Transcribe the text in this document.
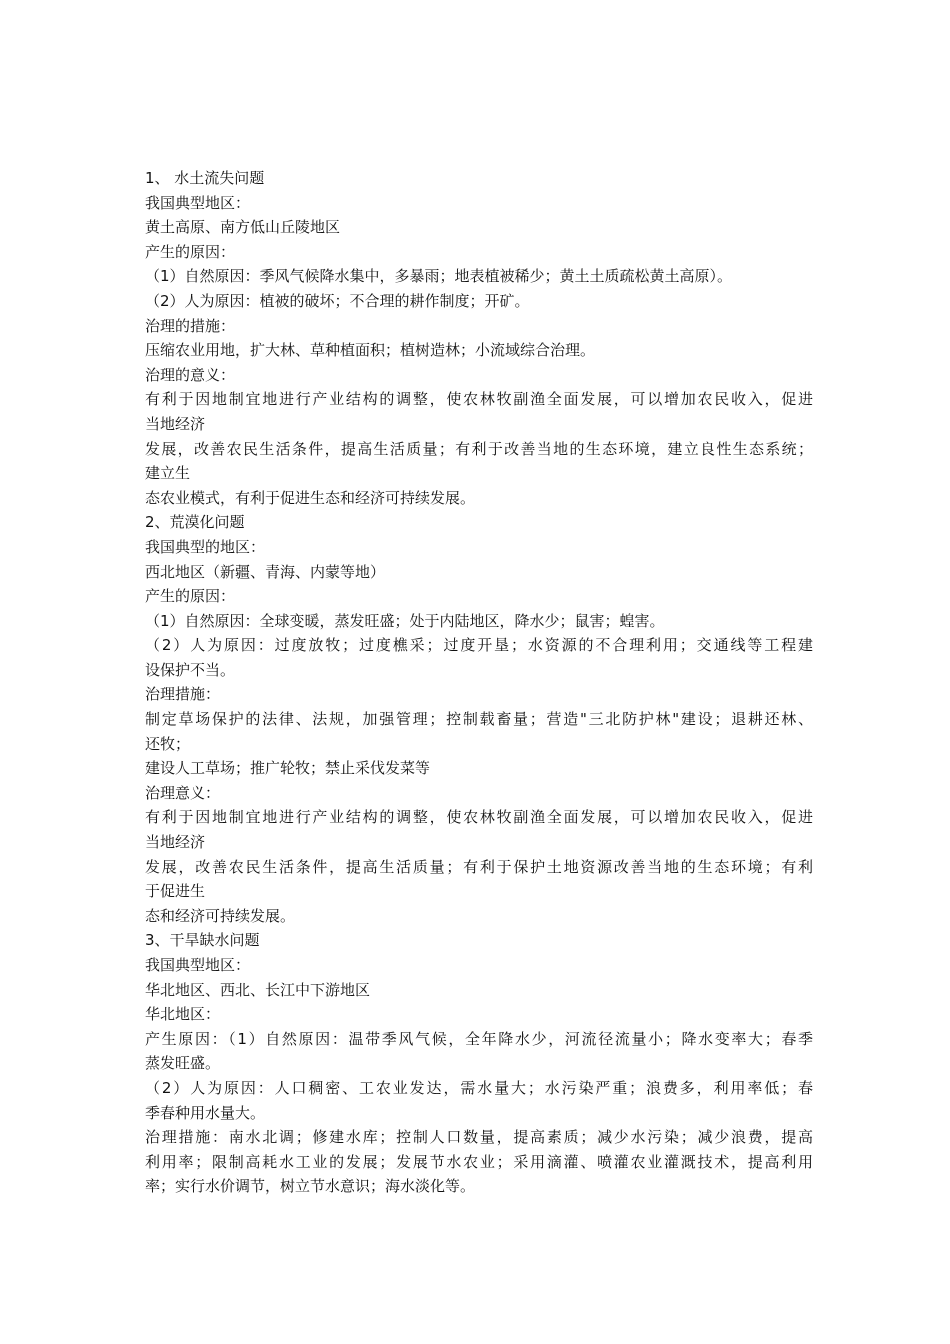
1、 水土流失问题
我国典型地区：
黄土高原、南方低山丘陵地区
产生的原因：
（1）自然原因：季风气候降水集中，多暴雨；地表植被稀少；黄土土质疏松黄土高原）。
（2）人为原因：植被的破坏；不合理的耕作制度；开矿。
治理的措施：
压缩农业用地，扩大林、草种植面积；植树造林；小流域综合治理。
治理的意义：
有利于因地制宜地进行产业结构的调整，使农林牧副渔全面发展，可以增加农民收入，促进
当地经济
发展，改善农民生活条件，提高生活质量；有利于改善当地的生态环境，建立良性生态系统；
建立生
态农业模式，有利于促进生态和经济可持续发展。
2、荒漠化问题
我国典型的地区：
西北地区（新疆、青海、内蒙等地）
产生的原因：
（1）自然原因：全球变暖，蒸发旺盛；处于内陆地区，降水少；鼠害；蝗害。
（2）人为原因：过度放牧；过度樵采；过度开垦；水资源的不合理利用；交通线等工程建
设保护不当。
治理措施：
制定草场保护的法律、法规，加强管理；控制载畜量；营造"三北防护林"建设；退耕还林、
还牧；
建设人工草场；推广轮牧；禁止采伐发菜等
治理意义：
有利于因地制宜地进行产业结构的调整，使农林牧副渔全面发展，可以增加农民收入，促进
当地经济
发展，改善农民生活条件，提高生活质量；有利于保护土地资源改善当地的生态环境；有利
于促进生
态和经济可持续发展。
3、干旱缺水问题
我国典型地区：
华北地区、西北、长江中下游地区
华北地区：
产生原因：（1）自然原因：温带季风气候，全年降水少，河流径流量小；降水变率大；春季
蒸发旺盛。
（2）人为原因：人口稠密、工农业发达，需水量大；水污染严重；浪费多，利用率低；春
季春种用水量大。
治理措施：南水北调；修建水库；控制人口数量，提高素质；减少水污染；减少浪费，提高
利用率；限制高耗水工业的发展；发展节水农业；采用滴灌、喷灌农业灌溉技术，提高利用
率；实行水价调节，树立节水意识；海水淡化等。
